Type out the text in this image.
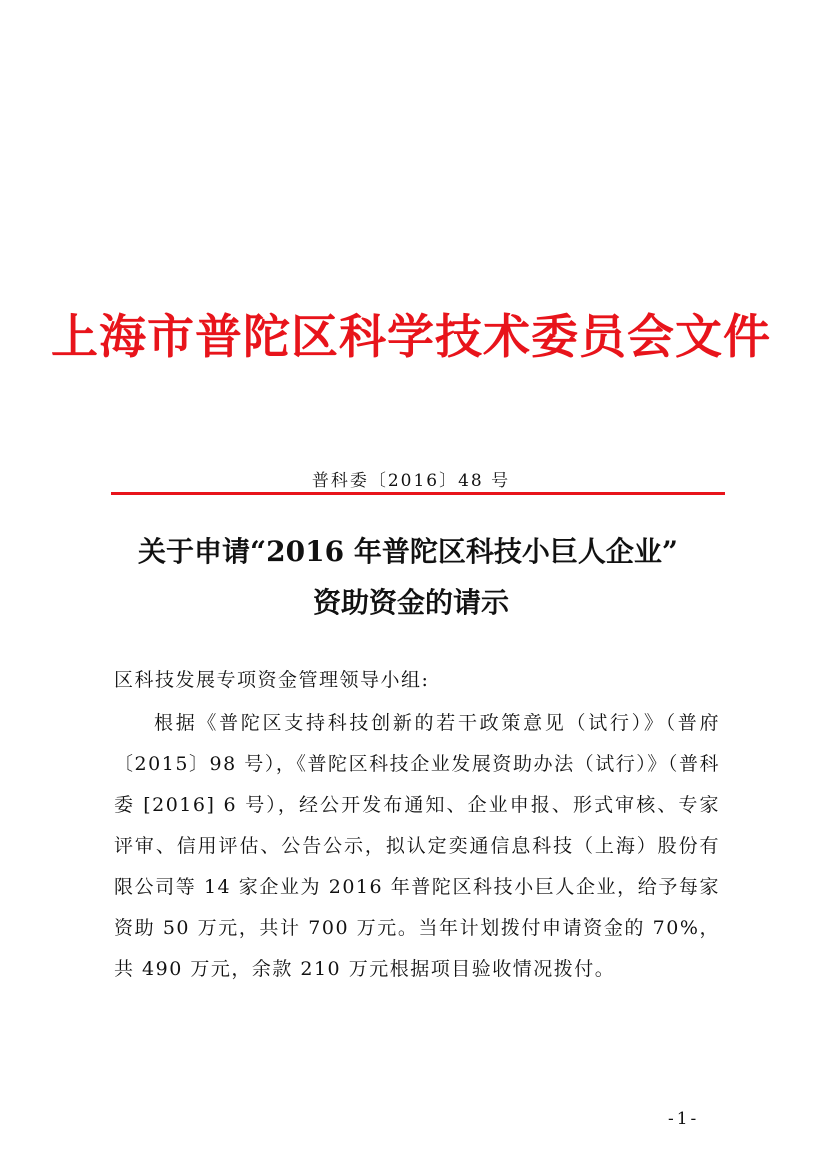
上海市普陀区科学技术委员会文件
普科委〔2016〕48 号
关于申请“2016 年普陀区科技小巨人企业”
资助资金的请示
区科技发展专项资金管理领导小组:
根据《普陀区支持科技创新的若干政策意见（试行）》（普府〔2015〕98 号），《普陀区科技企业发展资助办法（试行）》（普科委 [2016] 6 号），经公开发布通知、企业申报、形式审核、专家评审、信用评估、公告公示，拟认定奕通信息科技（上海）股份有限公司等 14 家企业为 2016 年普陀区科技小巨人企业，给予每家资助 50 万元，共计 700 万元。当年计划拨付申请资金的 70%，共 490 万元，余款 210 万元根据项目验收情况拨付。
-1-
